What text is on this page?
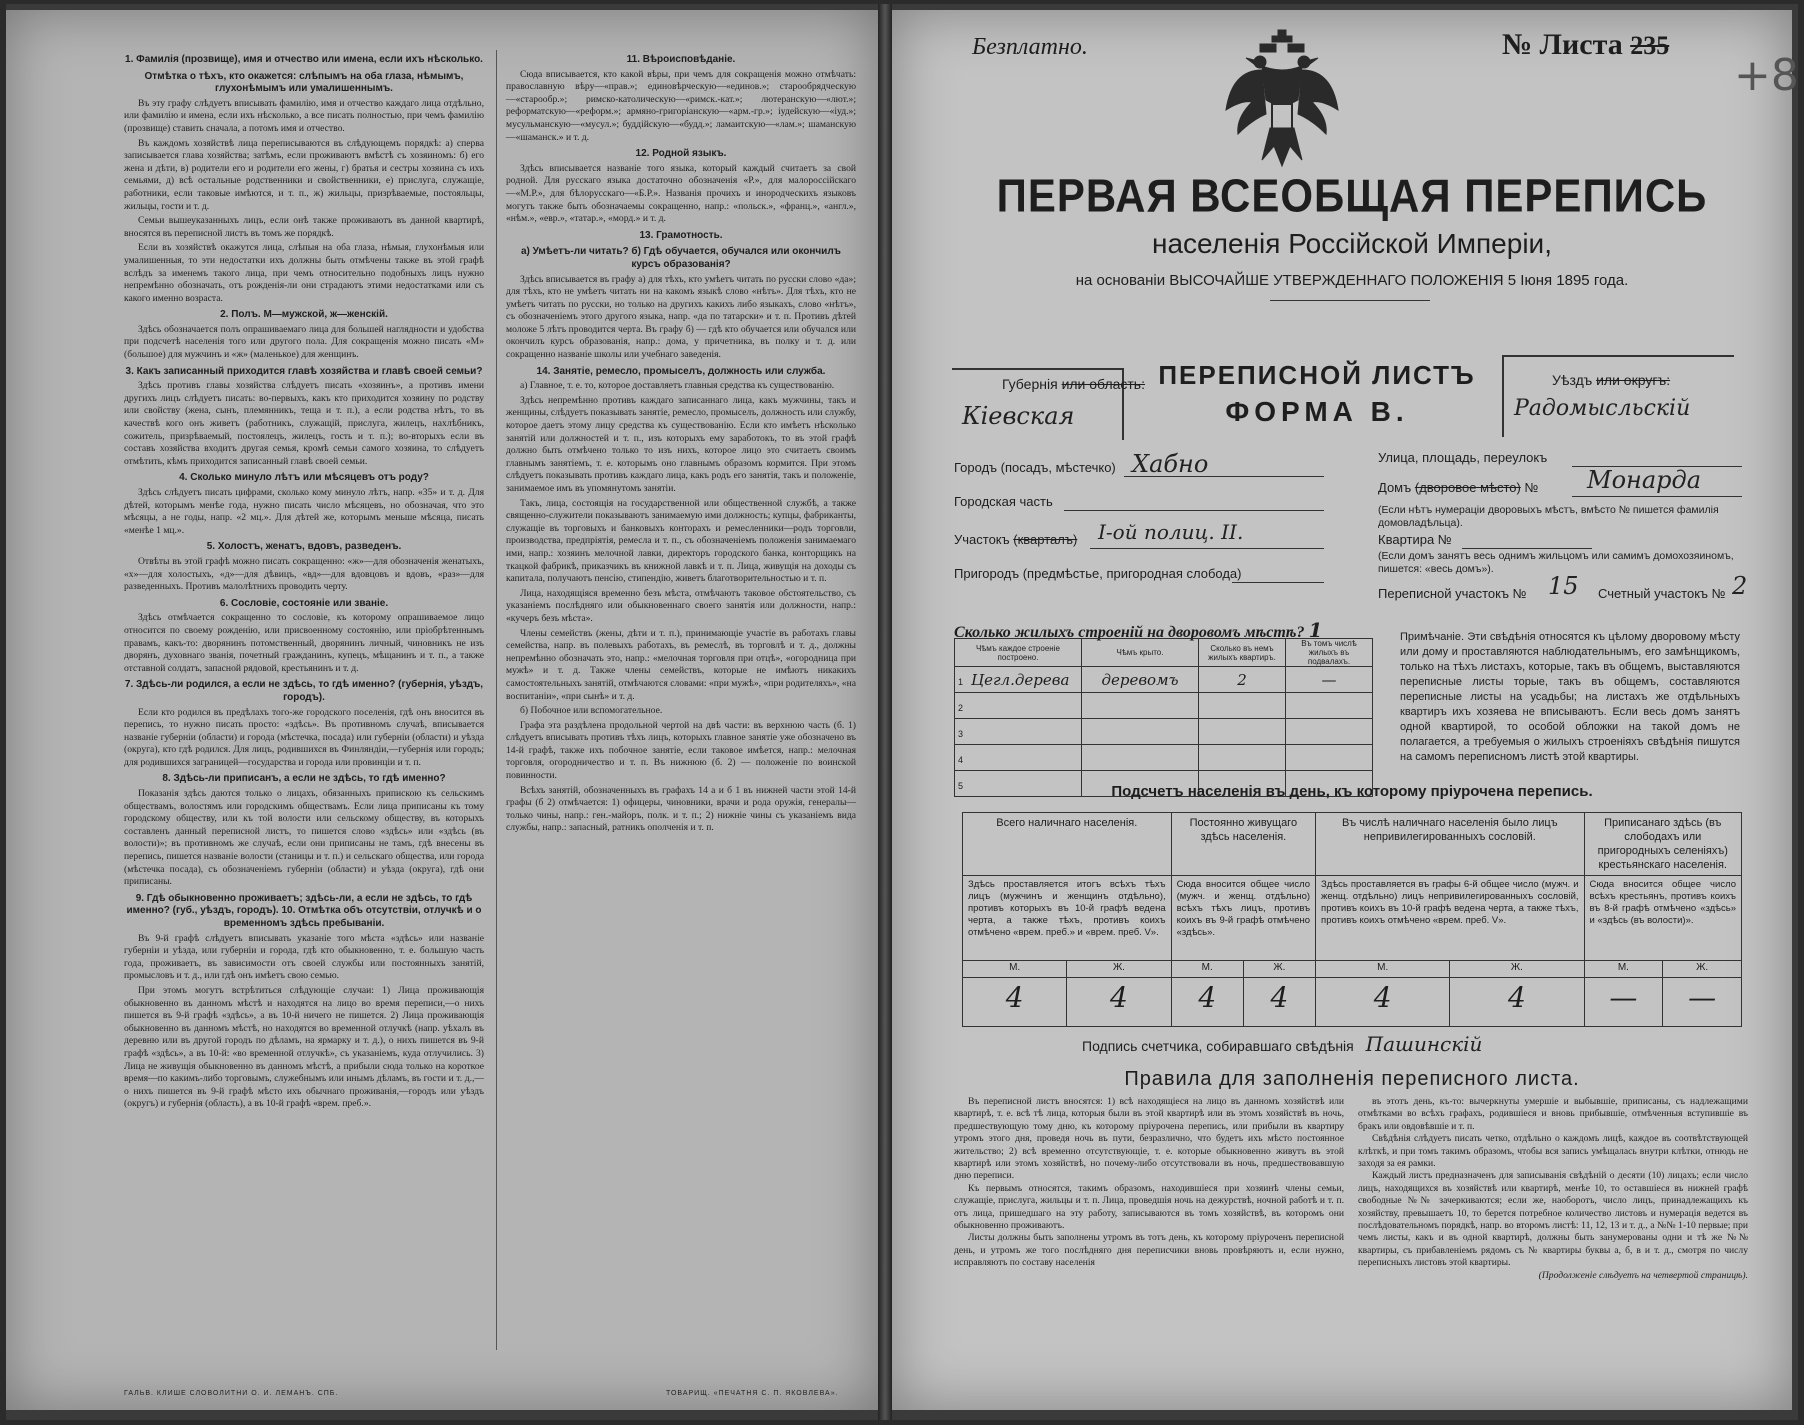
1. Фамилія (прозвище), имя и отчество или имена, если ихъ нѣсколько.
Отмѣтка о тѣхъ, кто окажется: слѣпымъ на оба глаза, нѣмымъ, глухонѣмымъ или умалишеннымъ.

Въ эту графу слѣдуетъ вписывать фамилію, имя и отчество каждаго лица отдѣльно, или фамилію и имена, если ихъ нѣсколько, а все писать полностью, при чемъ фамилію (прозвище) ставить сначала, а потомъ имя и отчество.

Въ каждомъ хозяйствѣ лица переписываются въ слѣдующемъ порядкѣ: а) сперва записывается глава хозяйства; затѣмъ, если проживаютъ вмѣстѣ съ хозяиномъ: б) его жена и дѣти, в) родители его и родители его жены, г) братья и сестры хозяина съ ихъ семьями, д) всѣ остальные родственники и свойственники, е) прислуга, служащіе, работники, если таковые имѣются, и т. п., ж) жильцы, призрѣваемые, постояльцы, жильцы, гости и т. д.

Семьи вышеуказанныхъ лицъ, если онѣ также проживаютъ въ данной квартирѣ, вносятся въ переписной листъ въ томъ же порядкѣ.

Если въ хозяйствѣ окажутся лица, слѣпыя на оба глаза, нѣмыя, глухонѣмыя или умалишенныя, то эти недостатки ихъ должны быть отмѣчены также въ этой графѣ вслѣдъ за именемъ такого лица, при чемъ относительно подобныхъ лицъ нужно непремѣнно обозначать, отъ рожденія-ли они страдаютъ этими недостатками или съ какого именно возраста.

2. Полъ. М—мужской, ж—женскій.

Здѣсь обозначается полъ опрашиваемаго лица для большей наглядности и удобства при подсчетѣ населенія того или другого пола. Для сокращенія можно писать «М» (большое) для мужчинъ и «ж» (маленькое) для женщинъ.

3. Какъ записанный приходится главѣ хозяйства и главѣ своей семьи?

Здѣсь противъ главы хозяйства слѣдуетъ писать «хозяинъ», а противъ имени другихъ лицъ слѣдуетъ писать: во-первыхъ, какъ кто приходится хозяину по родству или свойству (жена, сынъ, племянникъ, теща и т. п.), а если родства нѣтъ, то въ качествѣ кого онъ живетъ (работникъ, служащій, прислуга, жилецъ, нахлѣбникъ, сожитель, призрѣваемый, постоялецъ, жилецъ, гость и т. п.); во-вторыхъ если въ составъ хозяйства входитъ другая семья, кромѣ семьи самого хозяина, то слѣдуетъ отмѣтить, кѣмъ приходится записанный главѣ своей семьи.

4. Сколько минуло лѣтъ или мѣсяцевъ отъ роду?

Здѣсь слѣдуетъ писать цифрами, сколько кому минуло лѣтъ, напр. «35» и т. д. Для дѣтей, которымъ менѣе года, нужно писать число мѣсяцевъ, но обозначая, что это мѣсяцы, а не годы, напр. «2 мц.». Для дѣтей же, которымъ меньше мѣсяца, писать «менѣе 1 мц.».

5. Холостъ, женатъ, вдовъ, разведенъ.

Отвѣты въ этой графѣ можно писать сокращенно: «ж»—для обозначенія женатыхъ, «х»—для холостыхъ, «д»—для дѣвицъ, «вд»—для вдовцовъ и вдовъ, «раз»—для разведенныхъ. Противъ малолѣтнихъ проводить черту.

6. Сословіе, состояніе или званіе.

Здѣсь отмѣчается сокращенно то сословіе, къ которому опрашиваемое лицо относится по своему рожденію, или присвоенному состоянію, или пріобрѣтеннымъ правамъ, какъ-то: дворянинъ потомственный, дворянинъ личный, чиновникъ не изъ дворянъ, духовнаго званія, почетный гражданинъ, купецъ, мѣщанинъ и т. п., а также отставной солдатъ, запасной рядовой, крестьянинъ и т. д.

7. Здѣсь-ли родился, а если не здѣсь, то гдѣ именно? (губернія, уѣздъ, городъ).

Если кто родился въ предѣлахъ того-же городского поселенія, гдѣ онъ вносится въ перепись, то нужно писать просто: «здѣсь». Въ противномъ случаѣ, вписывается названіе губерніи (области) и города (мѣстечка, посада) или губерніи (области) и уѣзда (округа), кто гдѣ родился. Для лицъ, родившихся въ Финляндіи,—губернія или городъ; для родившихся заграницей—государства и города или провинціи и т. п.

8. Здѣсь-ли приписанъ, а если не здѣсь, то гдѣ именно?

Показанія здѣсь даются только о лицахъ, обязанныхъ припискою къ сельскимъ обществамъ, волостямъ или городскимъ обществамъ. Если лица приписаны къ тому городскому обществу, или къ той волости или сельскому обществу, въ которыхъ составленъ данный переписной листъ, то пишется слово «здѣсь» или «здѣсь (въ волости)»; въ противномъ же случаѣ, если они приписаны не тамъ, гдѣ внесены въ перепись, пишется названіе волости (станицы и т. п.) и сельскаго общества, или города (мѣстечка посада), съ обозначеніемъ губерніи (области) и уѣзда (округа), гдѣ они приписаны.

9. Гдѣ обыкновенно проживаетъ; здѣсь-ли, а если не здѣсь, то гдѣ именно? (губ., уѣздъ, городъ). 10. Отмѣтка объ отсутствіи, отлучкѣ и о временномъ здѣсь пребываніи.

Въ 9-й графѣ слѣдуетъ вписывать указаніе того мѣста «здѣсь» или названіе губерніи и уѣзда, или губерніи и города, гдѣ кто обыкновенно, т. е. большую часть года, проживаетъ, въ зависимости отъ своей службы или постоянныхъ занятій, промысловъ и т. д., или гдѣ онъ имѣетъ свою семью.

При этомъ могутъ встрѣтиться слѣдующіе случаи: 1) Лица проживающія обыкновенно въ данномъ мѣстѣ и находятся на лицо во время переписи,—о нихъ пишется въ 9-й графѣ «здѣсь», а въ 10-й ничего не пишется. 2) Лица проживающія обыкновенно въ данномъ мѣстѣ, но находятся во временной отлучкѣ (напр. уѣхалъ въ деревню или въ другой городъ по дѣламъ, на ярмарку и т. д.), о нихъ пишется въ 9-й графѣ «здѣсь», а въ 10-й: «во временной отлучкѣ», съ указаніемъ, куда отлучились. 3) Лица не живущія обыкновенно въ данномъ мѣстѣ, а прибыли сюда только на короткое время—по какимъ-либо торговымъ, служебнымъ или инымъ дѣламъ, въ гости и т. д.,—о нихъ пишется въ 9-й графѣ мѣсто ихъ обычнаго проживанія,—городъ или уѣздъ (округъ) и губернія (область), а въ 10-й графѣ «врем. преб.».

11. Вѣроисповѣданіе.

Сюда вписывается, кто какой вѣры, при чемъ для сокращенія можно отмѣчать: православную вѣру—«прав.»; единовѣрческую—«единов.»; старообрядческую—«старообр.»; римско-католическую—«римск.-кат.»; лютеранскую—«лют.»; реформатскую—«реформ.»; армяно-григоріанскую—«арм.-гр.»; іудейскую—«іуд.»; мусульманскую—«мусул.»; буддійскую—«будд.»; ламаитскую—«лам.»; шаманскую—«шаманск.» и т. д.

12. Родной языкъ.

Здѣсь вписывается названіе того языка, который каждый считаетъ за свой родной. Для русскаго языка достаточно обозначенія «Р.», для малороссійскаго—«М.Р.», для бѣлорусскаго—«Б.Р.». Названія прочихъ и инородческихъ языковъ могутъ также быть обозначаемы сокращенно, напр.: «польск.», «франц.», «англ.», «нѣм.», «евр.», «татар.», «морд.» и т. д.

13. Грамотность.
а) Умѣетъ-ли читать? б) Гдѣ обучается, обучался или окончилъ курсъ образованія?

Здѣсь вписывается въ графу а) для тѣхъ, кто умѣетъ читать по русски слово «да»; для тѣхъ, кто не умѣетъ читать ни на какомъ языкѣ слово «нѣтъ». Для тѣхъ, кто не умѣетъ читать по русски, но только на другихъ какихъ либо языкахъ, слово «нѣтъ», съ обозначеніемъ этого другого языка, напр. «да по татарски» и т. п. Противъ дѣтей моложе 5 лѣтъ проводится черта. Въ графу б) — гдѣ кто обучается или обучался или окончилъ курсъ образованія, напр.: дома, у причетника, въ полку и т. д. или сокращенно названіе школы или учебнаго заведенія.

14. Занятіе, ремесло, промыселъ, должность или служба.

а) Главное, т. е. то, которое доставляетъ главныя средства къ существованію.

Здѣсь непремѣнно противъ каждаго записаннаго лица, какъ мужчины, такъ и женщины, слѣдуетъ показывать занятіе, ремесло, промыселъ, должность или службу, которое даетъ этому лицу средства къ существованію. Если кто имѣетъ нѣсколько занятій или должностей и т. п., изъ которыхъ ему заработокъ, то въ этой графѣ должно быть отмѣчено только то изъ нихъ, которое лицо это считаетъ своимъ главнымъ занятіемъ, т. е. которымъ оно главнымъ образомъ кормится. При этомъ слѣдуетъ показывать противъ каждаго лица, какъ родъ его занятія, такъ и положеніе, занимаемое имъ въ упомянутомъ занятіи.

Такъ, лица, состоящія на государственной или общественной службѣ, а также священно-служители показываютъ занимаемую ими должность; купцы, фабриканты, служащіе въ торговыхъ и банковыхъ конторахъ и ремесленники—родъ торговли, производства, предпріятія, ремесла и т. п., съ обозначеніемъ положенія занимаемаго ими, напр.: хозяинъ мелочной лавки, директоръ городского банка, конторщикъ на ткацкой фабрикѣ, приказчикъ въ книжной лавкѣ и т. п. Лица, живущія на доходы съ капитала, получаютъ пенсію, стипендію, живетъ благотворительностью и т. п.

Лица, находящіяся временно безъ мѣста, отмѣчаютъ таковое обстоятельство, съ указаніемъ послѣдняго или обыкновеннаго своего занятія или должности, напр.: «кучеръ безъ мѣста».

Члены семействъ (жены, дѣти и т. п.), принимающіе участіе въ работахъ главы семейства, напр. въ полевыхъ работахъ, въ ремеслѣ, въ торговлѣ и т. д., должны непремѣнно обозначать это, напр.: «мелочная торговля при отцѣ», «огородница при мужѣ» и т. д. Также члены семействъ, которые не имѣютъ никакихъ самостоятельныхъ занятій, отмѣчаются словами: «при мужѣ», «при родителяхъ», «на воспитаніи», «при сынѣ» и т. д.

б) Побочное или вспомогательное.

Графа эта раздѣлена продольной чертой на двѣ части: въ верхнюю часть (б. 1) слѣдуетъ вписывать противъ тѣхъ лицъ, которыхъ главное занятіе уже обозначено въ 14-й графѣ, также ихъ побочное занятіе, если таковое имѣется, напр.: мелочная торговля, огородничество и т. п. Въ нижнюю (б. 2) — положеніе по воинской повинности.

Всѣхъ занятій, обозначенныхъ въ графахъ 14 а и б 1 въ нижней части этой 14-й графы (б 2) отмѣчается: 1) офицеры, чиновники, врачи и рода оружія, генералы—только чины, напр.: ген.-майоръ, полк. и т. п.; 2) нижніе чины съ указаніемъ вида службы, напр.: запасный, ратникъ ополченія и т. п.

ГАЛЬВ. КЛИШЕ СЛОВОЛИТНИ О. И. ЛЕМАНЪ. СПБ.	ТОВАРИЩ. «ПЕЧАТНЯ С. П. ЯКОВЛЕВА».
Безплатно.	№ Листа 235
+8
ПЕРВАЯ ВСЕОБЩАЯ ПЕРЕПИСЬ
населенія Россійской Имперіи,
на основаніи ВЫСОЧАЙШЕ УТВЕРЖДЕННАГО ПОЛОЖЕНІЯ 5 Іюня 1895 года.
Губернія или область:
Кіевская
ПЕРЕПИСНОЙ ЛИСТЪ
ФОРМА В.
Уѣздъ или округъ:
Радомысльскій
Городъ (посадъ, мѣстечко) Хабно
Городская часть
Участокъ (кварталъ) І-ой полиц. II.
Пригородъ (предмѣстье, пригородная слобода)
Улица, площадь, переулокъ
Домъ (дворовое мѣсто) № Монарда
(Если нѣтъ нумераціи дворовыхъ мѣстъ, вмѣсто № пишется фамилія домовладѣльца).
Квартира №
(Если домъ занятъ весь однимъ жильцомъ или самимъ домохозяиномъ, пишется: «весь домъ»).
Переписной участокъ № 15 Счетный участокъ № 2
Сколько жилыхъ строеній на дворовомъ мѣстѣ? 1
Чѣмъ каждое строеніе построено.	Чѣмъ крыто.	Сколько въ немъ жилыхъ квартиръ.	Въ томъ числѣ жилыхъ въ подвалахъ.
1 Цегл.дерева	деревомъ	2	—
2			
3			
4			
5			
Примѣчаніе. Эти свѣдѣнія относятся къ цѣлому дворовому мѣсту или дому и проставляются наблюдательнымъ, его замѣнщикомъ, только на тѣхъ листахъ, которые, такъ въ общемъ, выставляются переписные листы торые, такъ въ общемъ, составляются переписные листы на усадьбы; на листахъ же отдѣльныхъ квартиръ ихъ хозяева не вписываютъ. Если весь домъ занятъ одной квартирой, то особой обложки на такой домъ не полагается, а требуемыя о жилыхъ строеніяхъ свѣдѣнія пишутся на самомъ переписномъ листѣ этой квартиры.
Подсчетъ населенія въ день, къ которому пріурочена перепись.
Всего наличнаго населенія.		Постоянно живущаго здѣсь населенія.		Въ числѣ наличнаго населенія было лицъ непривилегированныхъ сословій.		Приписанаго здѣсь (въ слободахъ или пригородныхъ селеніяхъ) крестьянскаго населенія.	
Здѣсь проставляется итогъ всѣхъ тѣхъ лицъ (мужчинъ и женщинъ отдѣльно), противъ которыхъ въ 10-й графѣ ведена черта, а также тѣхъ, противъ коихъ отмѣчено «врем. преб.» и «врем. преб. V».		Сюда вносится общее число (мужч. и женщ. отдѣльно) всѣхъ тѣхъ лицъ, противъ коихъ въ 9-й графѣ отмѣчено «здѣсь».		Здѣсь проставляется въ графы 6-й общее число (мужч. и женщ. отдѣльно) лицъ непривилегированныхъ сословій, противъ коихъ въ 10-й графѣ ведена черта, а также тѣхъ, противъ коихъ отмѣчено «врем. преб. V».		Сюда вносится общее число всѣхъ крестьянъ, противъ коихъ въ 8-й графѣ отмѣчено «здѣсь» и «здѣсь (въ волости)».	
М.	Ж.	М.	Ж.	М.	Ж.	М.	Ж.
4	4	4	4	4	4	—	—
Подпись счетчика, собиравшаго свѣдѣнія Пашинскій
Правила для заполненія переписного листа.

Въ переписной листъ вносятся: 1) всѣ находящіеся на лицо въ данномъ хозяйствѣ или квартирѣ, т. е. всѣ тѣ лица, которыя были въ этой квартирѣ или въ этомъ хозяйствѣ въ ночь, предшествующую тому дню, къ которому пріурочена перепись, или прибыли въ квартиру утромъ этого дня, проведя ночь въ пути, безразлично, что будетъ ихъ мѣсто постоянное жительство; 2) всѣ временно отсутствующіе, т. е. которые обыкновенно живутъ въ этой квартирѣ или этомъ хозяйствѣ, но почему-либо отсутствовали въ ночь, предшествовавшую дню переписи.

Къ первымъ относятся, такимъ образомъ, находившіеся при хозяинѣ члены семьи, служащіе, прислуга, жильцы и т. п. Лица, проведшія ночь на дежурствѣ, ночной работѣ и т. п. отъ лица, пришедшаго на эту работу, записываются въ томъ хозяйствѣ, въ которомъ они обыкновенно проживаютъ.

Листы должны быть заполнены утромъ въ тотъ день, къ которому пріуроченъ переписной день, и утромъ же того послѣдняго дня переписчики вновь провѣряютъ и, если нужно, исправляютъ по составу населенія

въ этотъ день, къ-то: вычеркнуты умершіе и выбывшіе, приписаны, съ надлежащими отмѣтками во всѣхъ графахъ, родившіеся и вновь прибывшіе, отмѣченныя вступившіе въ бракъ или овдовѣвшіе и т. п.

Свѣдѣнія слѣдуетъ писать четко, отдѣльно о каждомъ лицѣ, каждое въ соотвѣтствующей клѣткѣ, и при томъ такимъ образомъ, чтобы вся запись умѣщалась внутри клѣтки, отнюдь не заходя за ея рамки.

Каждый листъ предназначенъ для записыванія свѣдѣній о десяти (10) лицахъ; если число лицъ, находящихся въ хозяйствѣ или квартирѣ, менѣе 10, то оставшіеся въ нижней графѣ свободные №№ зачеркиваются; если же, наоборотъ, число лицъ, принадлежащихъ къ хозяйству, превышаетъ 10, то берется потребное количество листовъ и нумерація ведется въ послѣдовательномъ порядкѣ, напр. во второмъ листѣ: 11, 12, 13 и т. д., а №№ 1-10 первые; при чемъ листы, какъ и въ одной квартирѣ, должны быть занумерованы одни и тѣ же №№ квартиры, съ прибавленіемъ рядомъ съ № квартиры буквы а, б, в и т. д., смотря по числу переписныхъ листовъ этой квартиры.

(Продолженіе слѣдуетъ на четвертой страницѣ).
